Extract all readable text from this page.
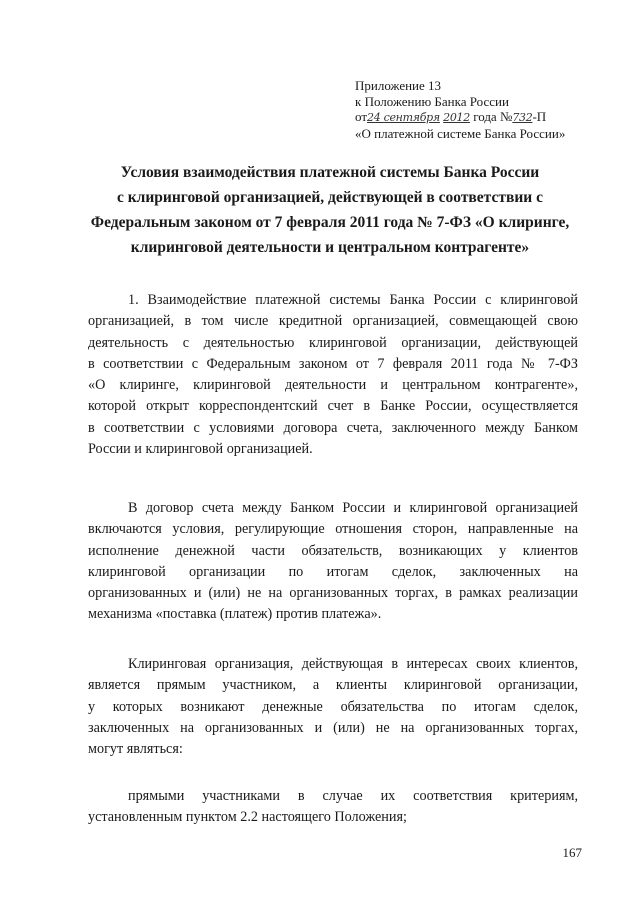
Приложение 13
к Положению Банка России
от24 сентября 2012 года №732-П
«О платежной системе Банка России»
Условия взаимодействия платежной системы Банка России
с клиринговой организацией, действующей в соответствии с
Федеральным законом от 7 февраля 2011 года № 7-ФЗ «О клиринге,
клиринговой деятельности и центральном контрагенте»
1. Взаимодействие платежной системы Банка России с клиринговой
организацией, в том числе кредитной организацией, совмещающей свою
деятельность с деятельностью клиринговой организации, действующей
в соответствии с Федеральным законом от 7 февраля 2011 года № 7-ФЗ
«О клиринге, клиринговой деятельности и центральном контрагенте»,
которой открыт корреспондентский счет в Банке России, осуществляется
в соответствии с условиями договора счета, заключенного между Банком
России и клиринговой организацией.
В договор счета между Банком России и клиринговой организацией
включаются условия, регулирующие отношения сторон, направленные на
исполнение денежной части обязательств, возникающих у клиентов
клиринговой организации по итогам сделок, заключенных на
организованных и (или) не на организованных торгах, в рамках реализации
механизма «поставка (платеж) против платежа».
Клиринговая организация, действующая в интересах своих клиентов,
является прямым участником, а клиенты клиринговой организации,
у которых возникают денежные обязательства по итогам сделок,
заключенных на организованных и (или) не на организованных торгах,
могут являться:
прямыми участниками в случае их соответствия критериям,
установленным пунктом 2.2 настоящего Положения;
167
